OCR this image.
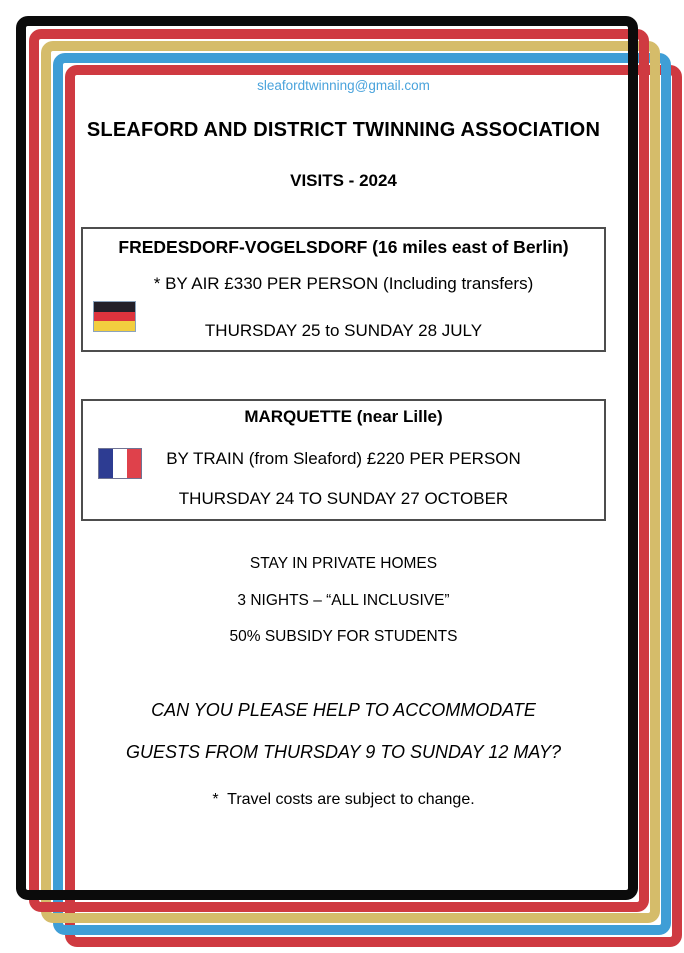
sleafordtwinning@gmail.com
SLEAFORD AND DISTRICT TWINNING ASSOCIATION
VISITS - 2024
FREDESDORF-VOGELSDORF (16 miles east of Berlin)
* BY AIR £330 PER PERSON (Including transfers)
THURSDAY 25 to SUNDAY 28 JULY
MARQUETTE (near Lille)
BY TRAIN (from Sleaford) £220 PER PERSON
THURSDAY 24 TO SUNDAY 27 OCTOBER
STAY IN PRIVATE HOMES
3 NIGHTS – “ALL INCLUSIVE”
50% SUBSIDY FOR STUDENTS
CAN YOU PLEASE HELP TO ACCOMMODATE
GUESTS FROM THURSDAY 9 TO SUNDAY 12 MAY?
*  Travel costs are subject to change.
